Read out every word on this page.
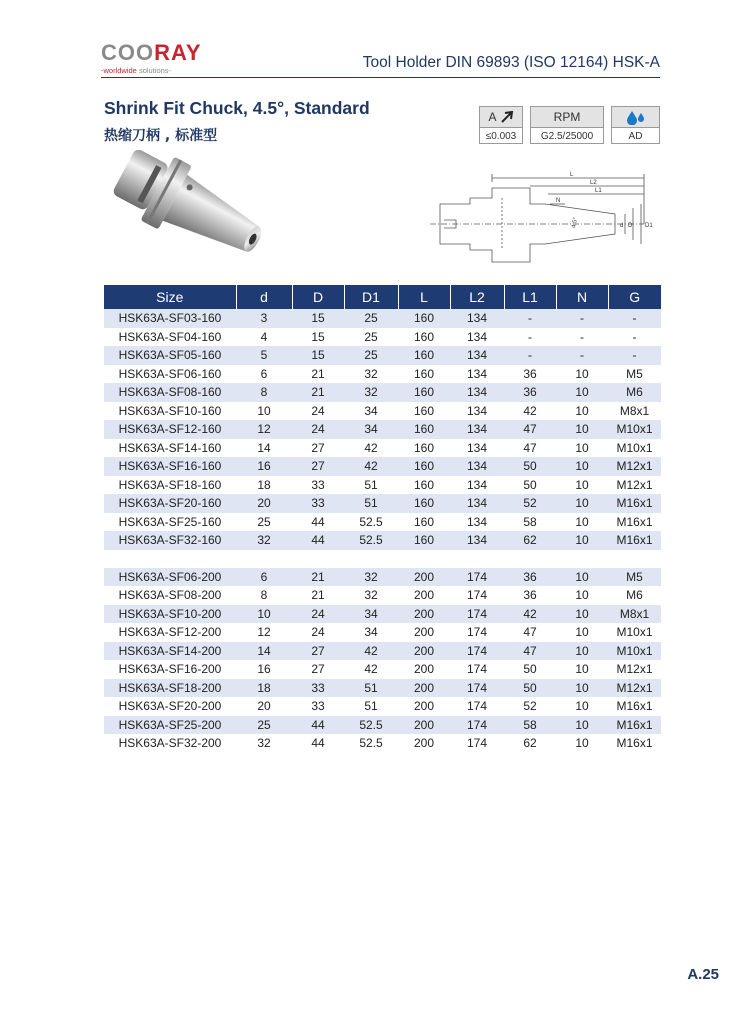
COORAY
-worldwide solutions-	Tool Holder DIN 69893 (ISO 12164) HSK-A
Shrink Fit Chuck, 4.5°, Standard
热缩刀柄 , 标准型
A
≤0.003
RPM
G2.5/25000	AD
L
L2
L1
N
4.5°	d D D1
Size	d	D	D1	L	L2	L1	N	G
HSK63A-SF03-160	3	15	25	160	134	-	-	-
HSK63A-SF04-160	4	15	25	160	134	-	-	-
HSK63A-SF05-160	5	15	25	160	134	-	-	-
HSK63A-SF06-160	6	21	32	160	134	36	10	M5
HSK63A-SF08-160	8	21	32	160	134	36	10	M6
HSK63A-SF10-160	10	24	34	160	134	42	10	M8x1
HSK63A-SF12-160	12	24	34	160	134	47	10	M10x1
HSK63A-SF14-160	14	27	42	160	134	47	10	M10x1
HSK63A-SF16-160	16	27	42	160	134	50	10	M12x1
HSK63A-SF18-160	18	33	51	160	134	50	10	M12x1
HSK63A-SF20-160	20	33	51	160	134	52	10	M16x1
HSK63A-SF25-160	25	44	52.5	160	134	58	10	M16x1
HSK63A-SF32-160	32	44	52.5	160	134	62	10	M16x1

HSK63A-SF06-200	6	21	32	200	174	36	10	M5
HSK63A-SF08-200	8	21	32	200	174	36	10	M6
HSK63A-SF10-200	10	24	34	200	174	42	10	M8x1
HSK63A-SF12-200	12	24	34	200	174	47	10	M10x1
HSK63A-SF14-200	14	27	42	200	174	47	10	M10x1
HSK63A-SF16-200	16	27	42	200	174	50	10	M12x1
HSK63A-SF18-200	18	33	51	200	174	50	10	M12x1
HSK63A-SF20-200	20	33	51	200	174	52	10	M16x1
HSK63A-SF25-200	25	44	52.5	200	174	58	10	M16x1
HSK63A-SF32-200	32	44	52.5	200	174	62	10	M16x1
A.25
